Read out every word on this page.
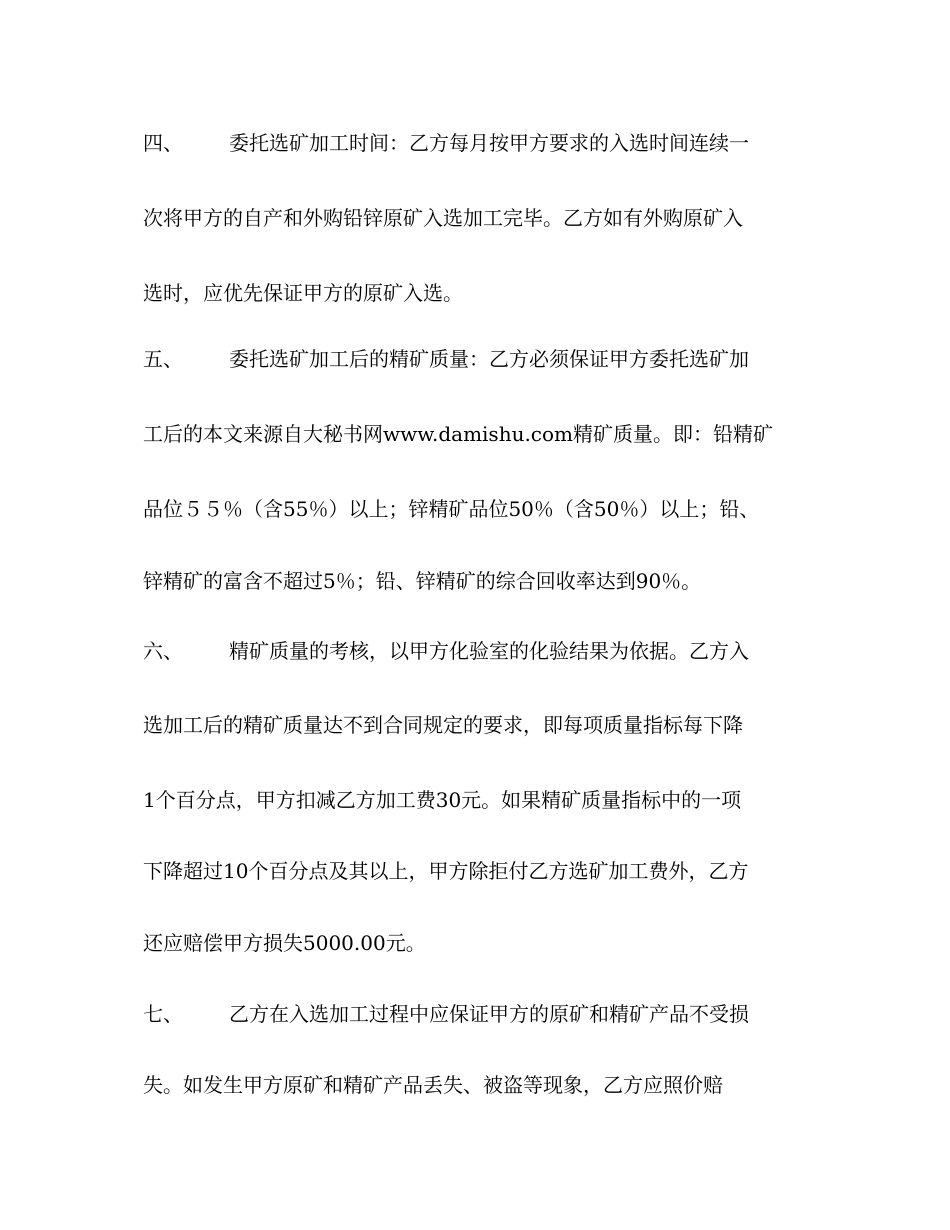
四、 委托选矿加工时间：乙方每月按甲方要求的入选时间连续一
次将甲方的自产和外购铅锌原矿入选加工完毕。乙方如有外购原矿入
选时，应优先保证甲方的原矿入选。
五、 委托选矿加工后的精矿质量：乙方必须保证甲方委托选矿加
工后的本文来源自大秘书网www.damishu.com精矿质量。即：铅精矿
品位５５％（含55％）以上；锌精矿品位50％（含50％）以上；铅、
锌精矿的富含不超过5％；铅、锌精矿的综合回收率达到90％。
六、 精矿质量的考核，以甲方化验室的化验结果为依据。乙方入
选加工后的精矿质量达不到合同规定的要求，即每项质量指标每下降
1个百分点，甲方扣减乙方加工费30元。如果精矿质量指标中的一项
下降超过10个百分点及其以上，甲方除拒付乙方选矿加工费外，乙方
还应赔偿甲方损失5000.00元。
七、 乙方在入选加工过程中应保证甲方的原矿和精矿产品不受损
失。如发生甲方原矿和精矿产品丢失、被盗等现象，乙方应照价赔
